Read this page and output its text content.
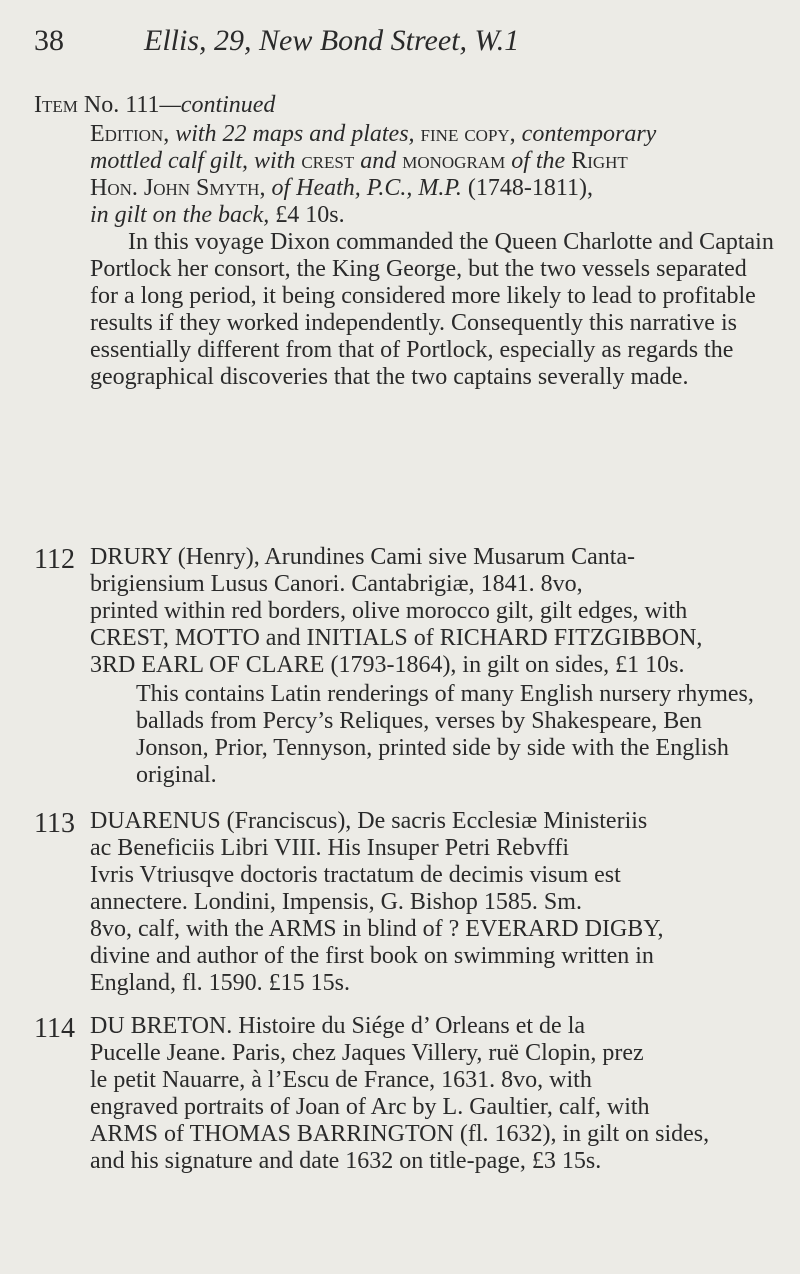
38	Ellis, 29, New Bond Street, W.1
Item No. 111—continued
Edition, with 22 maps and plates, fine copy, contemporary
mottled calf gilt, with crest and monogram of the Right
Hon. John Smyth, of Heath, P.C., M.P. (1748-1811),
in gilt on the back, £4 10s.

In this voyage Dixon commanded the Queen Charlotte and Captain Portlock her consort, the King George, but the two vessels separated for a long period, it being considered more likely to lead to profitable results if they worked independently. Consequently this narrative is essentially different from that of Portlock, especially as regards the geographical discoveries that the two captains severally made.

112 DRURY (Henry), Arundines Cami sive Musarum Canta-
brigiensium Lusus Canori. Cantabrigiæ, 1841. 8vo,
printed within red borders, olive morocco gilt, gilt edges, with
CREST, MOTTO and INITIALS of RICHARD FITZGIBBON,
3RD EARL OF CLARE (1793-1864), in gilt on sides, £1 10s.
This contains Latin renderings of many English nursery rhymes, ballads from Percy’s Reliques, verses by Shakespeare, Ben Jonson, Prior, Tennyson, printed side by side with the English original.
113 DUARENUS (Franciscus), De sacris Ecclesiæ Ministeriis
ac Beneficiis Libri VIII. His Insuper Petri Rebvffi
Ivris Vtriusqve doctoris tractatum de decimis visum est
annectere. Londini, Impensis, G. Bishop 1585. Sm.
8vo, calf, with the ARMS in blind of ? EVERARD DIGBY,
divine and author of the first book on swimming written in
England, fl. 1590. £15 15s.
114 DU BRETON. Histoire du Siége d’ Orleans et de la
Pucelle Jeane. Paris, chez Jaques Villery, ruë Clopin, prez
le petit Nauarre, à l’Escu de France, 1631. 8vo, with
engraved portraits of Joan of Arc by L. Gaultier, calf, with
ARMS of THOMAS BARRINGTON (fl. 1632), in gilt on sides,
and his signature and date 1632 on title-page, £3 15s.
